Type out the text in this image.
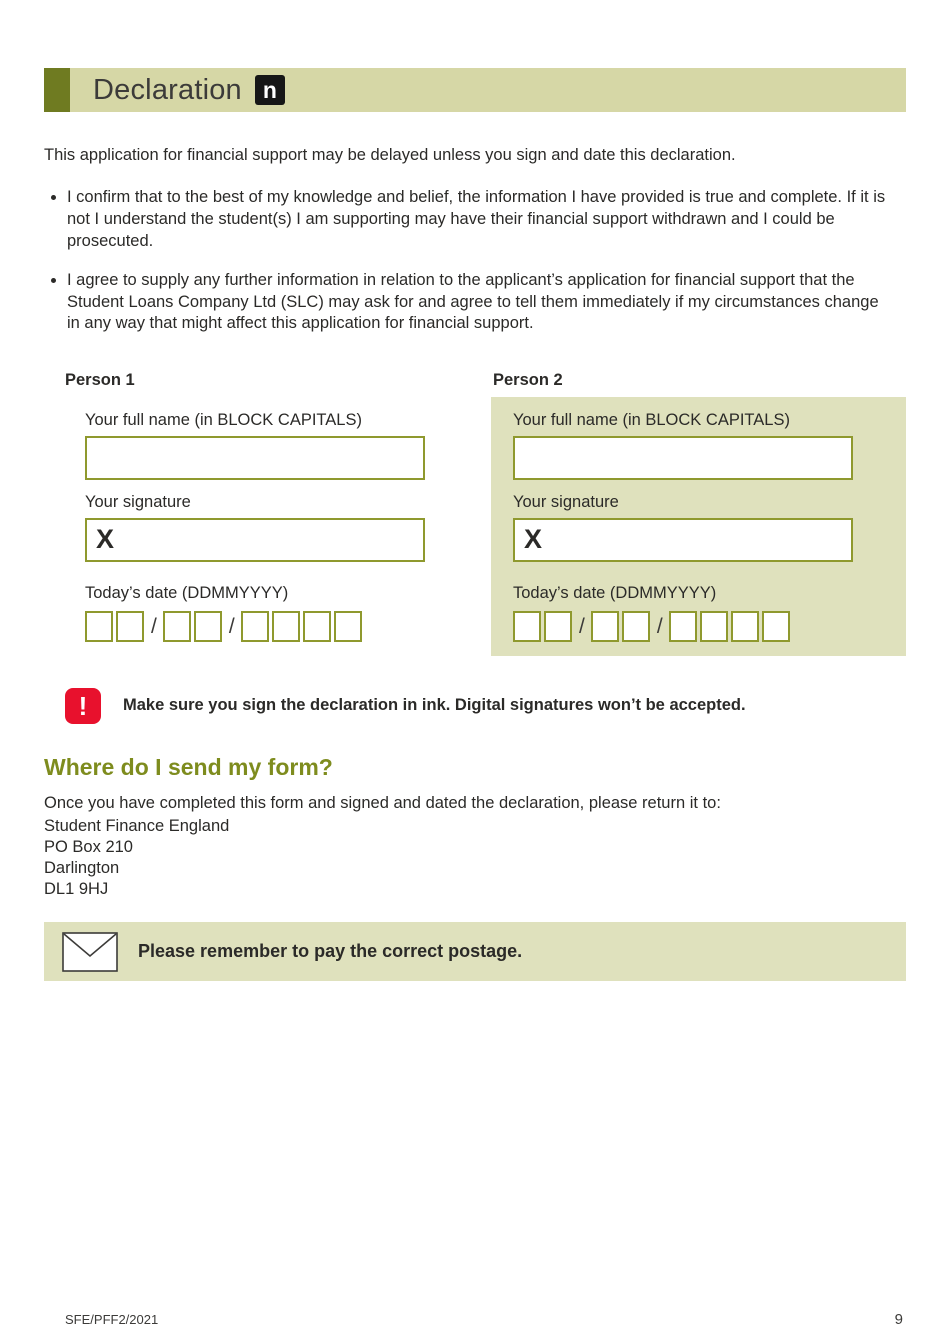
Declaration n

This application for financial support may be delayed unless you sign and date this declaration.

• I confirm that to the best of my knowledge and belief, the information I have provided is true and complete. If it is not I understand the student(s) I am supporting may have their financial support withdrawn and I could be prosecuted.
• I agree to supply any further information in relation to the applicant’s application for financial support that the Student Loans Company Ltd (SLC) may ask for and agree to tell them immediately if my circumstances change in any way that might affect this application for financial support.
Person 1
Your full name (in BLOCK CAPITALS)
Your signature
X
Today’s date (DDMMYYYY)
/	/
Person 2
Your full name (in BLOCK CAPITALS)
Your signature
X
Today’s date (DDMMYYYY)
/	/
!	Make sure you sign the declaration in ink. Digital signatures won’t be accepted.

Where do I send my form?

Once you have completed this form and signed and dated the declaration, please return it to:

Student Finance England
PO Box 210
Darlington
DL1 9HJ

Please remember to pay the correct postage.

SFE/PFF2/2021	9
